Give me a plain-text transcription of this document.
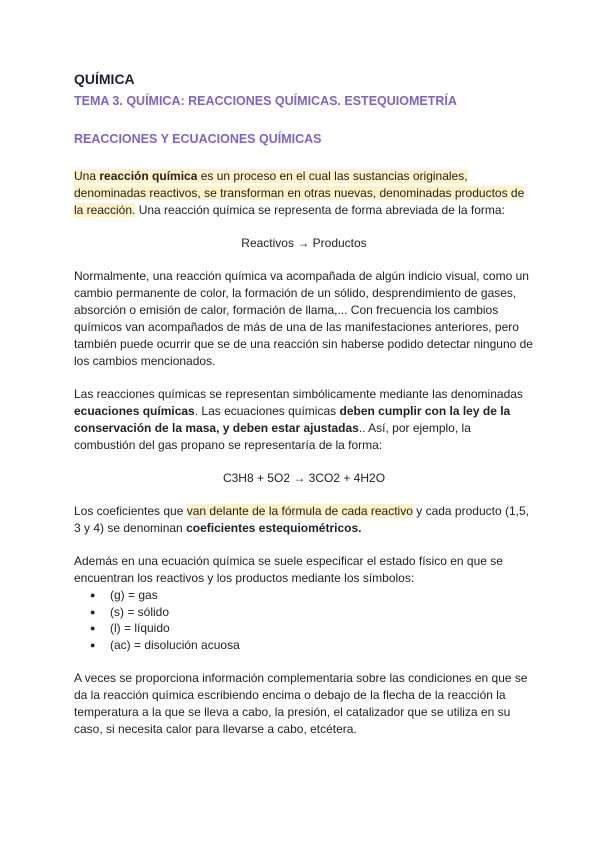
QUÍMICA
TEMA 3. QUÍMICA: REACCIONES QUÍMICAS. ESTEQUIOMETRÍA
REACCIONES Y ECUACIONES QUÍMICAS

Una reacción química es un proceso en el cual las sustancias originales, denominadas reactivos, se transforman en otras nuevas, denominadas productos de la reacción. Una reacción química se representa de forma abreviada de la forma:

Reactivos → Productos

Normalmente, una reacción química va acompañada de algún indicio visual, como un cambio permanente de color, la formación de un sólido, desprendimiento de gases, absorción o emisión de calor, formación de llama,... Con frecuencia los cambios químicos van acompañados de más de una de las manifestaciones anteriores, pero también puede ocurrir que se de una reacción sin haberse podido detectar ninguno de los cambios mencionados.

Las reacciones químicas se representan simbólicamente mediante las denominadas ecuaciones químicas. Las ecuaciones químicas deben cumplir con la ley de la conservación de la masa, y deben estar ajustadas.. Así, por ejemplo, la combustión del gas propano se representaría de la forma:

C3H8 + 5O2 → 3CO2 + 4H2O

Los coeficientes que van delante de la fórmula de cada reactivo y cada producto (1,5, 3 y 4) se denominan coeficientes estequiométricos.

Además en una ecuación química se suele especificar el estado físico en que se encuentran los reactivos y los productos mediante los símbolos:

● (g) = gas
● (s) = sólido
● (l) = líquido
● (ac) = disolución acuosa

A veces se proporciona información complementaria sobre las condiciones en que se da la reacción química escribiendo encima o debajo de la flecha de la reacción la temperatura a la que se lleva a cabo, la presión, el catalizador que se utiliza en su caso, si necesita calor para llevarse a cabo, etcétera.
